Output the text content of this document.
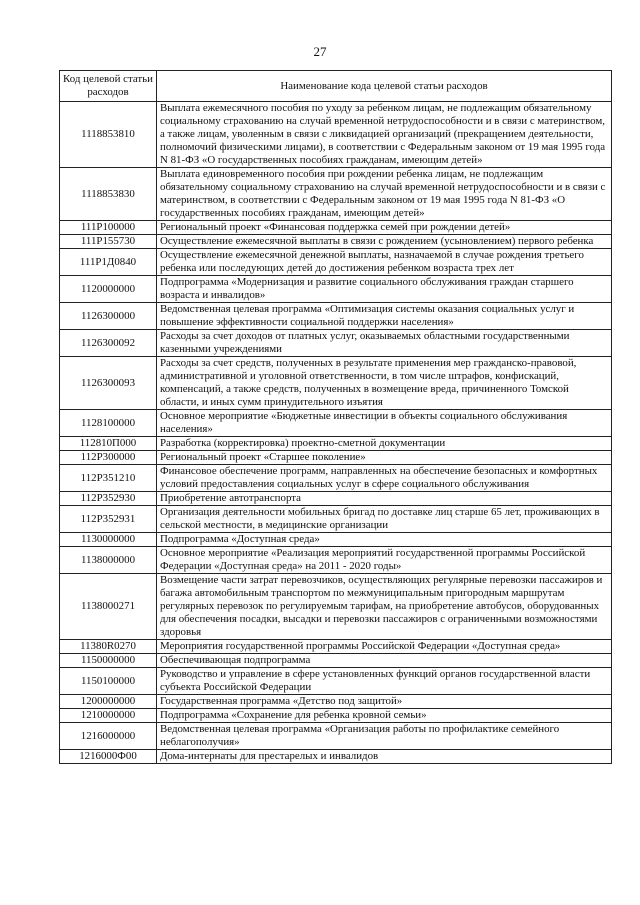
27
Код целевой статьи расходов	Наименование кода целевой статьи расходов
1118853810	Выплата ежемесячного пособия по уходу за ребенком лицам, не подлежащим обязательному социальному страхованию на случай временной нетрудоспособности и в связи с материнством, а также лицам, уволенным в связи с ликвидацией организаций (прекращением деятельности, полномочий физическими лицами), в соответствии с Федеральным законом от 19 мая 1995 года N 81-ФЗ «О государственных пособиях гражданам, имеющим детей»
1118853830	Выплата единовременного пособия при рождении ребенка лицам, не подлежащим обязательному социальному страхованию на случай временной нетрудоспособности и в связи с материнством, в соответствии с Федеральным законом от 19 мая 1995 года N 81-ФЗ «О государственных пособиях гражданам, имеющим детей»
111P100000	Региональный проект «Финансовая поддержка семей при рождении детей»
111P155730	Осуществление ежемесячной выплаты в связи с рождением (усыновлением) первого ребенка
111P1Д0840	Осуществление ежемесячной денежной выплаты, назначаемой в случае рождения третьего ребенка или последующих детей до достижения ребенком возраста трех лет
1120000000	Подпрограмма «Модернизация и развитие социального обслуживания граждан старшего возраста и инвалидов»
1126300000	Ведомственная целевая программа «Оптимизация системы оказания социальных услуг и повышение эффективности социальной поддержки населения»
1126300092	Расходы за счет доходов от платных услуг, оказываемых областными государственными казенными учреждениями
1126300093	Расходы за счет средств, полученных в результате применения мер гражданско-правовой, административной и уголовной ответственности, в том числе штрафов, конфискаций, компенсаций, а также средств, полученных в возмещение вреда, причиненного Томской области, и иных сумм принудительного изъятия
1128100000	Основное мероприятие «Бюджетные инвестиции в объекты социального обслуживания населения»
112810П000	Разработка (корректировка) проектно-сметной документации
112P300000	Региональный проект «Старшее поколение»
112P351210	Финансовое обеспечение программ, направленных на обеспечение безопасных и комфортных условий предоставления социальных услуг в сфере социального обслуживания
112P352930	Приобретение автотранспорта
112P352931	Организация деятельности мобильных бригад по доставке лиц старше 65 лет, проживающих в сельской местности, в медицинские организации
1130000000	Подпрограмма «Доступная среда»
1138000000	Основное мероприятие «Реализация мероприятий государственной программы Российской Федерации «Доступная среда» на 2011 - 2020 годы»
1138000271	Возмещение части затрат перевозчиков, осуществляющих регулярные перевозки пассажиров и багажа автомобильным транспортом по межмуниципальным пригородным маршрутам регулярных перевозок по регулируемым тарифам, на приобретение автобусов, оборудованных для обеспечения посадки, высадки и перевозки пассажиров с ограниченными возможностями здоровья
11380R0270	Мероприятия государственной программы Российской Федерации «Доступная среда»
1150000000	Обеспечивающая подпрограмма
1150100000	Руководство и управление в сфере установленных функций органов государственной власти субъекта Российской Федерации
1200000000	Государственная программа «Детство под защитой»
1210000000	Подпрограмма «Сохранение для ребенка кровной семьи»
1216000000	Ведомственная целевая программа «Организация работы по профилактике семейного неблагополучия»
1216000Ф00	Дома-интернаты для престарелых и инвалидов
